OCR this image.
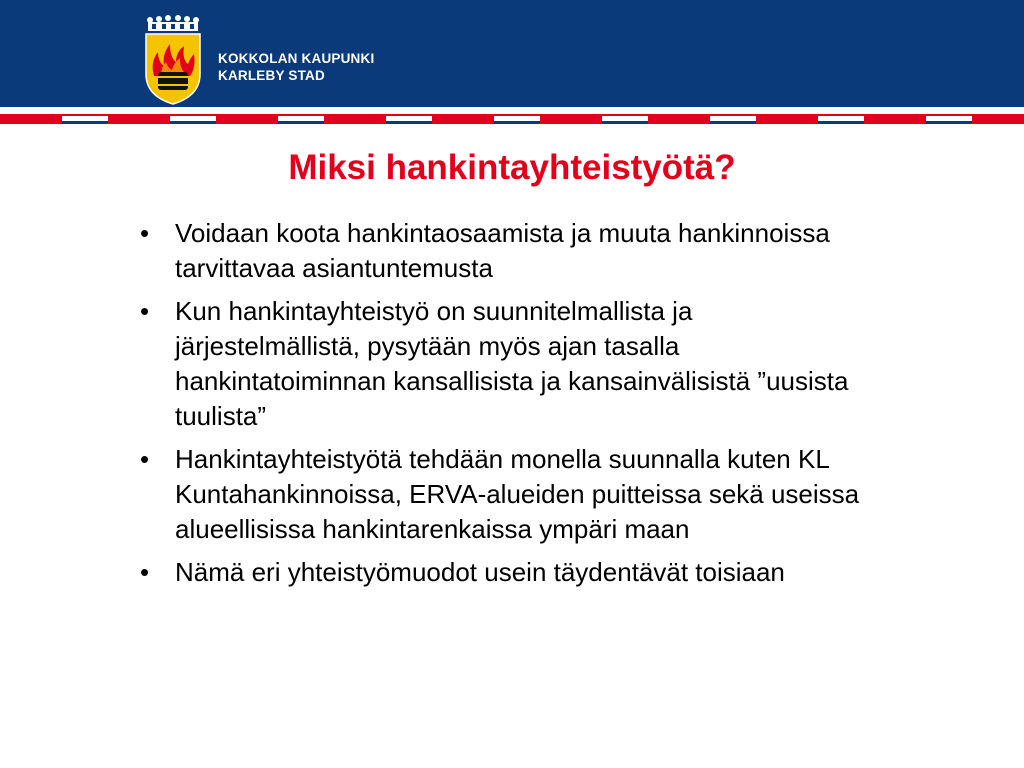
KOKKOLAN KAUPUNKI
KARLEBY STAD
Miksi hankintayhteistyötä?
• Voidaan koota hankintaosaamista ja muuta hankinnoissa tarvittavaa asiantuntemusta
• Kun hankintayhteistyö on suunnitelmallista ja järjestelmällistä, pysytään myös ajan tasalla hankintatoiminnan kansallisista ja kansainvälisistä ”uusista tuulista”
• Hankintayhteistyötä tehdään monella suunnalla kuten KL Kuntahankinnoissa, ERVA-alueiden puitteissa sekä useissa alueellisissa hankintarenkaissa ympäri maan
• Nämä eri yhteistyömuodot usein täydentävät toisiaan
